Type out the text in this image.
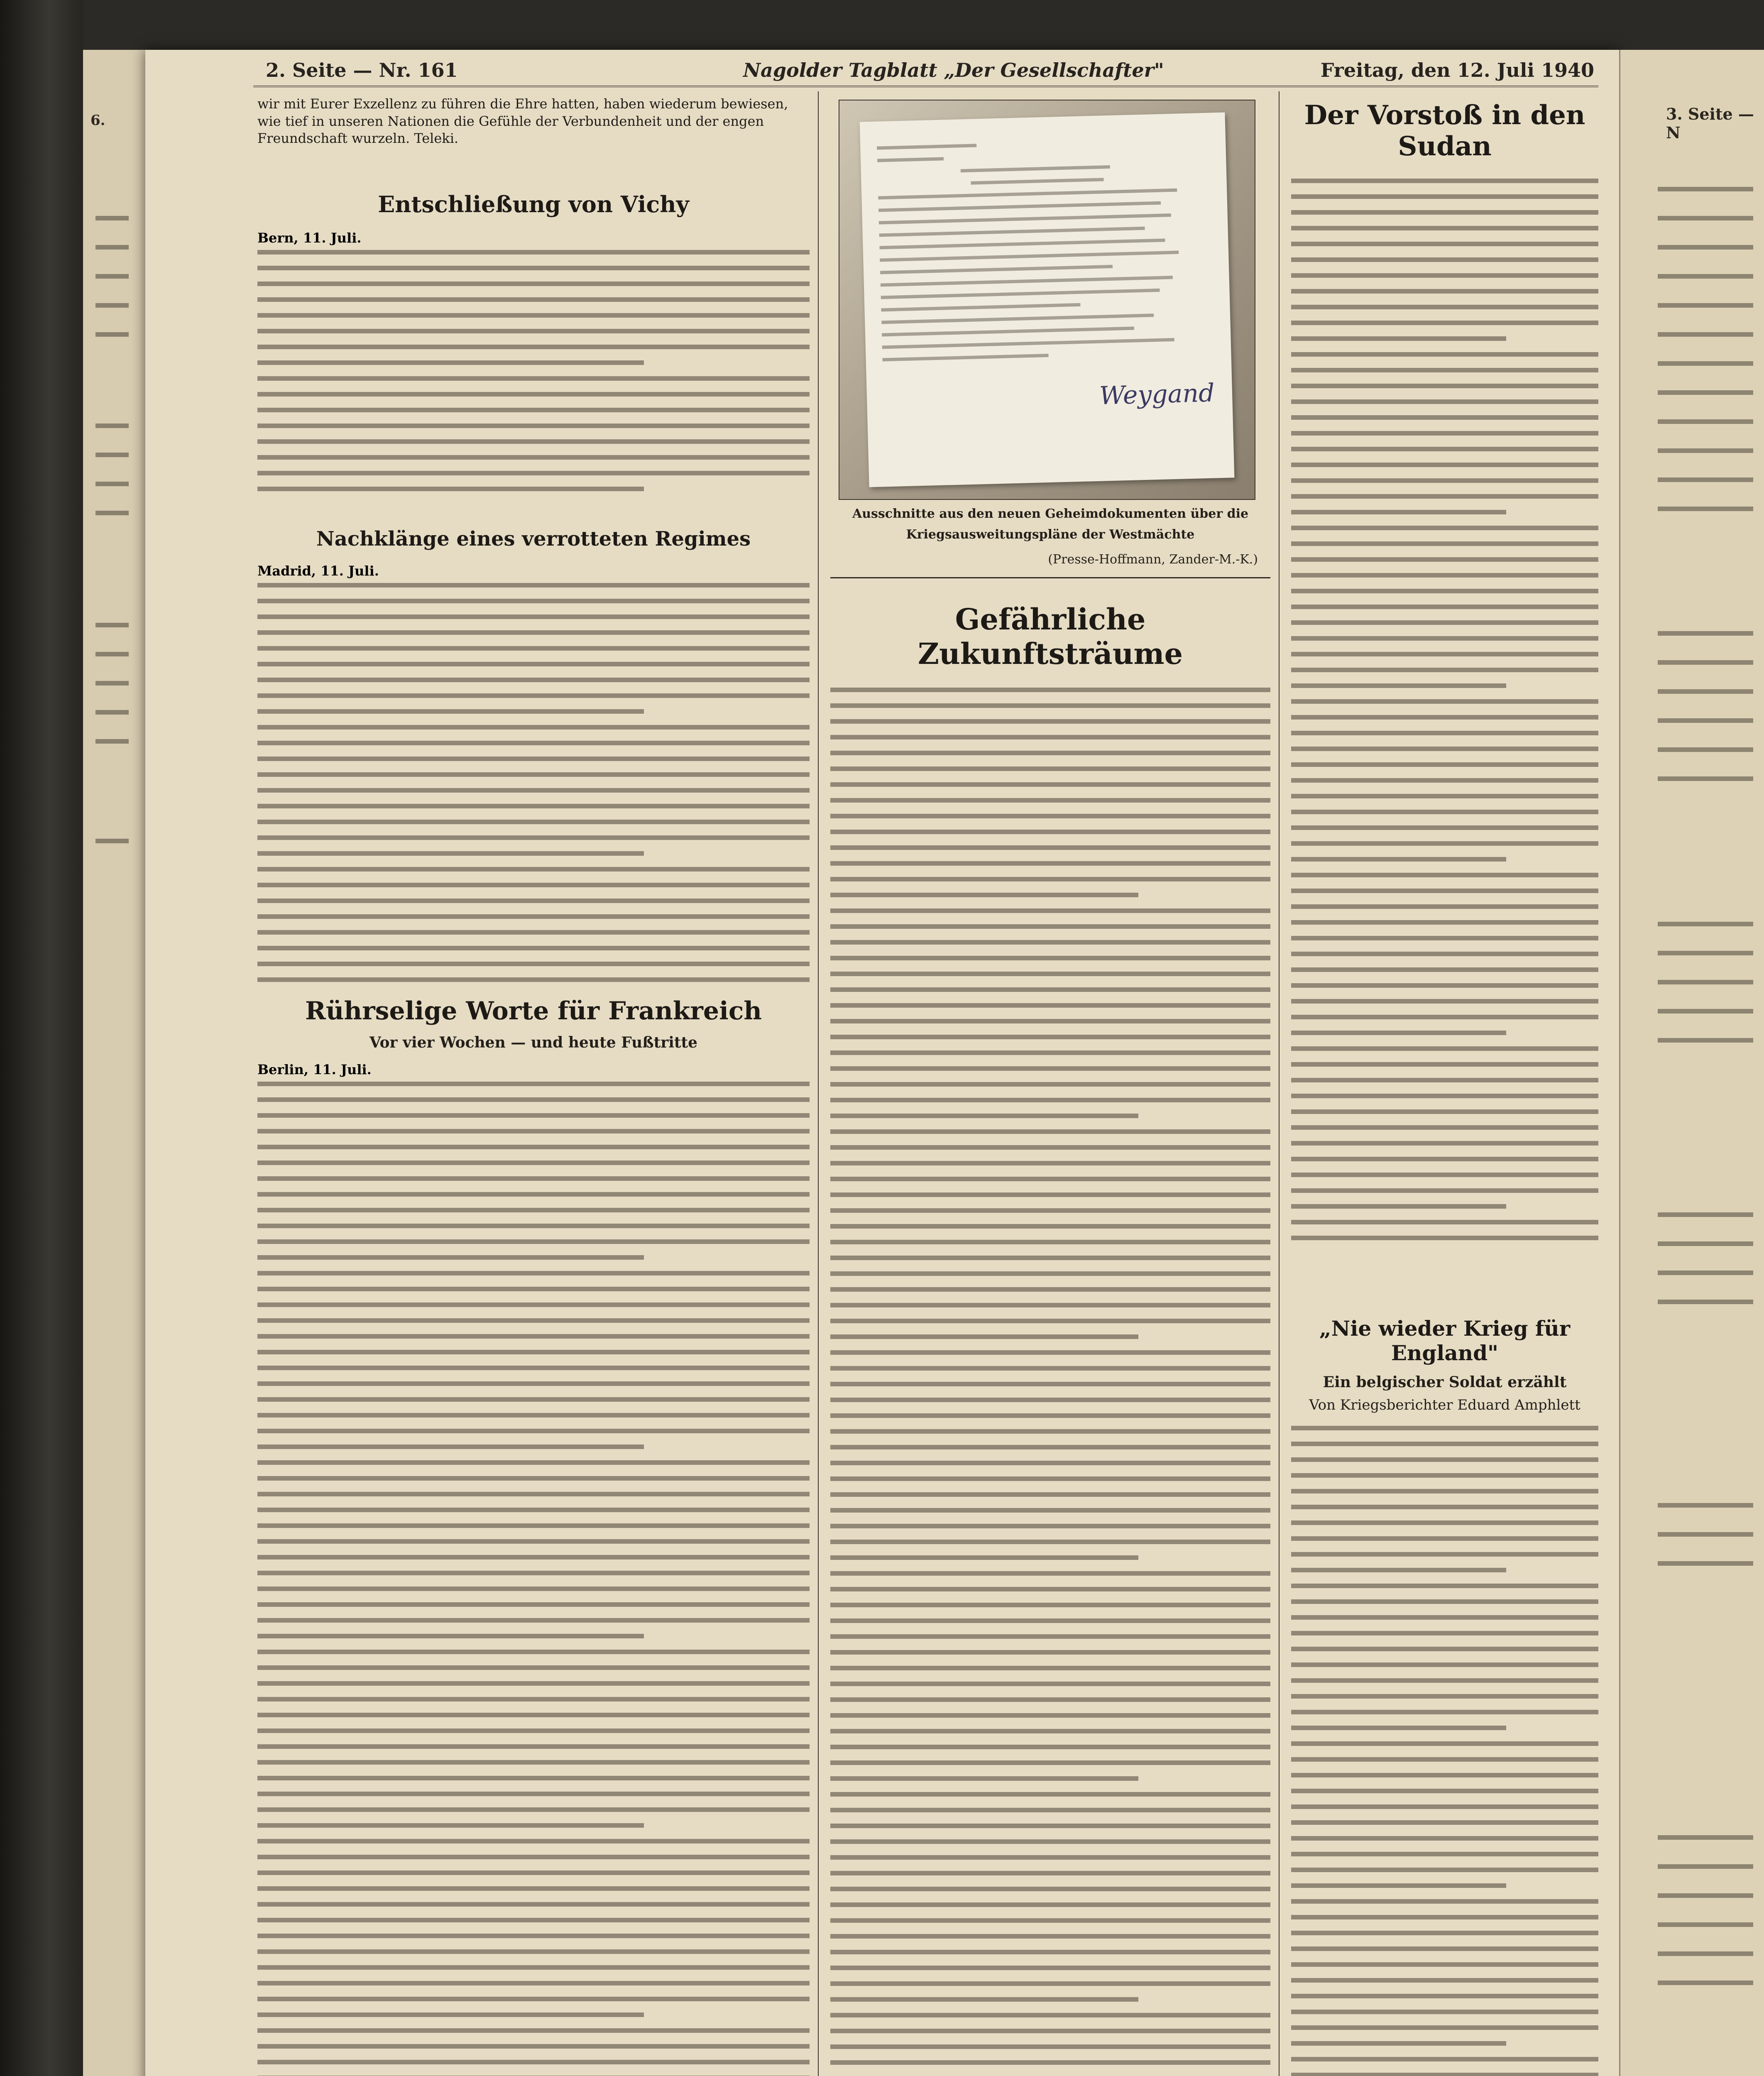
6.
2. Seite — Nr. 161	Nagolder Tagblatt „Der Gesellschafter"	Freitag, den 12. Juli 1940
wir mit Eurer Exzellenz zu führen die Ehre hatten, haben wiederum bewiesen, wie tief in unseren Nationen die Gefühle der Verbundenheit und der engen Freundschaft wurzeln. Teleki.

Entschließung von Vichy

Bern, 11. Juli.

Nachklänge eines verrotteten Regimes

Madrid, 11. Juli.

Rührselige Worte für Frankreich

Vor vier Wochen — und heute Fußtritte

Berlin, 11. Juli.

Weygand
Ausschnitte aus den neuen Geheimdokumenten über die
Kriegsausweitungspläne der Westmächte
(Presse-Hoffmann, Zander-M.-K.)

Gefährliche Zukunftsträume

Der Vorstoß in den Sudan

„Nie wieder Krieg für England"

Ein belgischer Soldat erzählt

Von Kriegsberichter Eduard Amphlett

3. Seite — N
